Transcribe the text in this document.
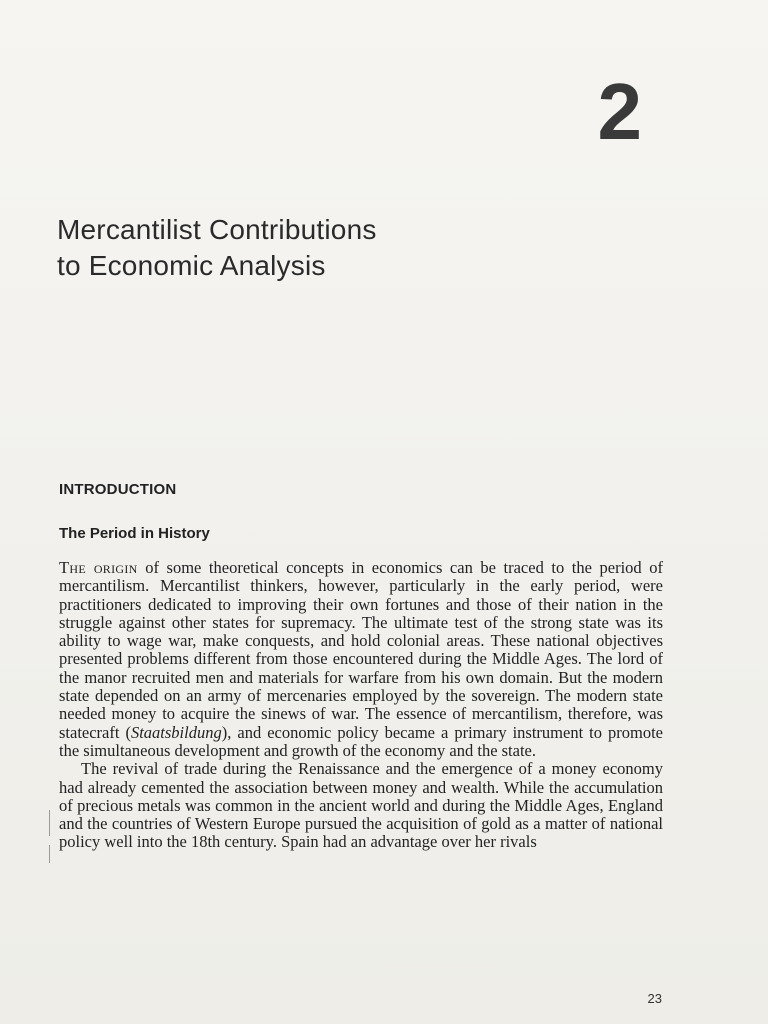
2
Mercantilist Contributions
to Economic Analysis
INTRODUCTION
The Period in History

The origin of some theoretical concepts in economics can be traced to the period of mercantilism. Mercantilist thinkers, however, particularly in the early period, were practitioners dedicated to improving their own fortunes and those of their nation in the struggle against other states for supremacy. The ultimate test of the strong state was its ability to wage war, make conquests, and hold colonial areas. These national objectives presented problems different from those encountered during the Middle Ages. The lord of the manor recruited men and materials for warfare from his own domain. But the modern state depended on an army of mercenaries employed by the sovereign. The modern state needed money to acquire the sinews of war. The essence of mercantilism, therefore, was statecraft (Staatsbildung), and economic policy became a primary instrument to promote the simultaneous development and growth of the economy and the state.

The revival of trade during the Renaissance and the emergence of a money economy had already cemented the association between money and wealth. While the accumulation of precious metals was common in the ancient world and during the Middle Ages, England and the countries of Western Europe pursued the acquisition of gold as a matter of national policy well into the 18th century. Spain had an advantage over her rivals

23
